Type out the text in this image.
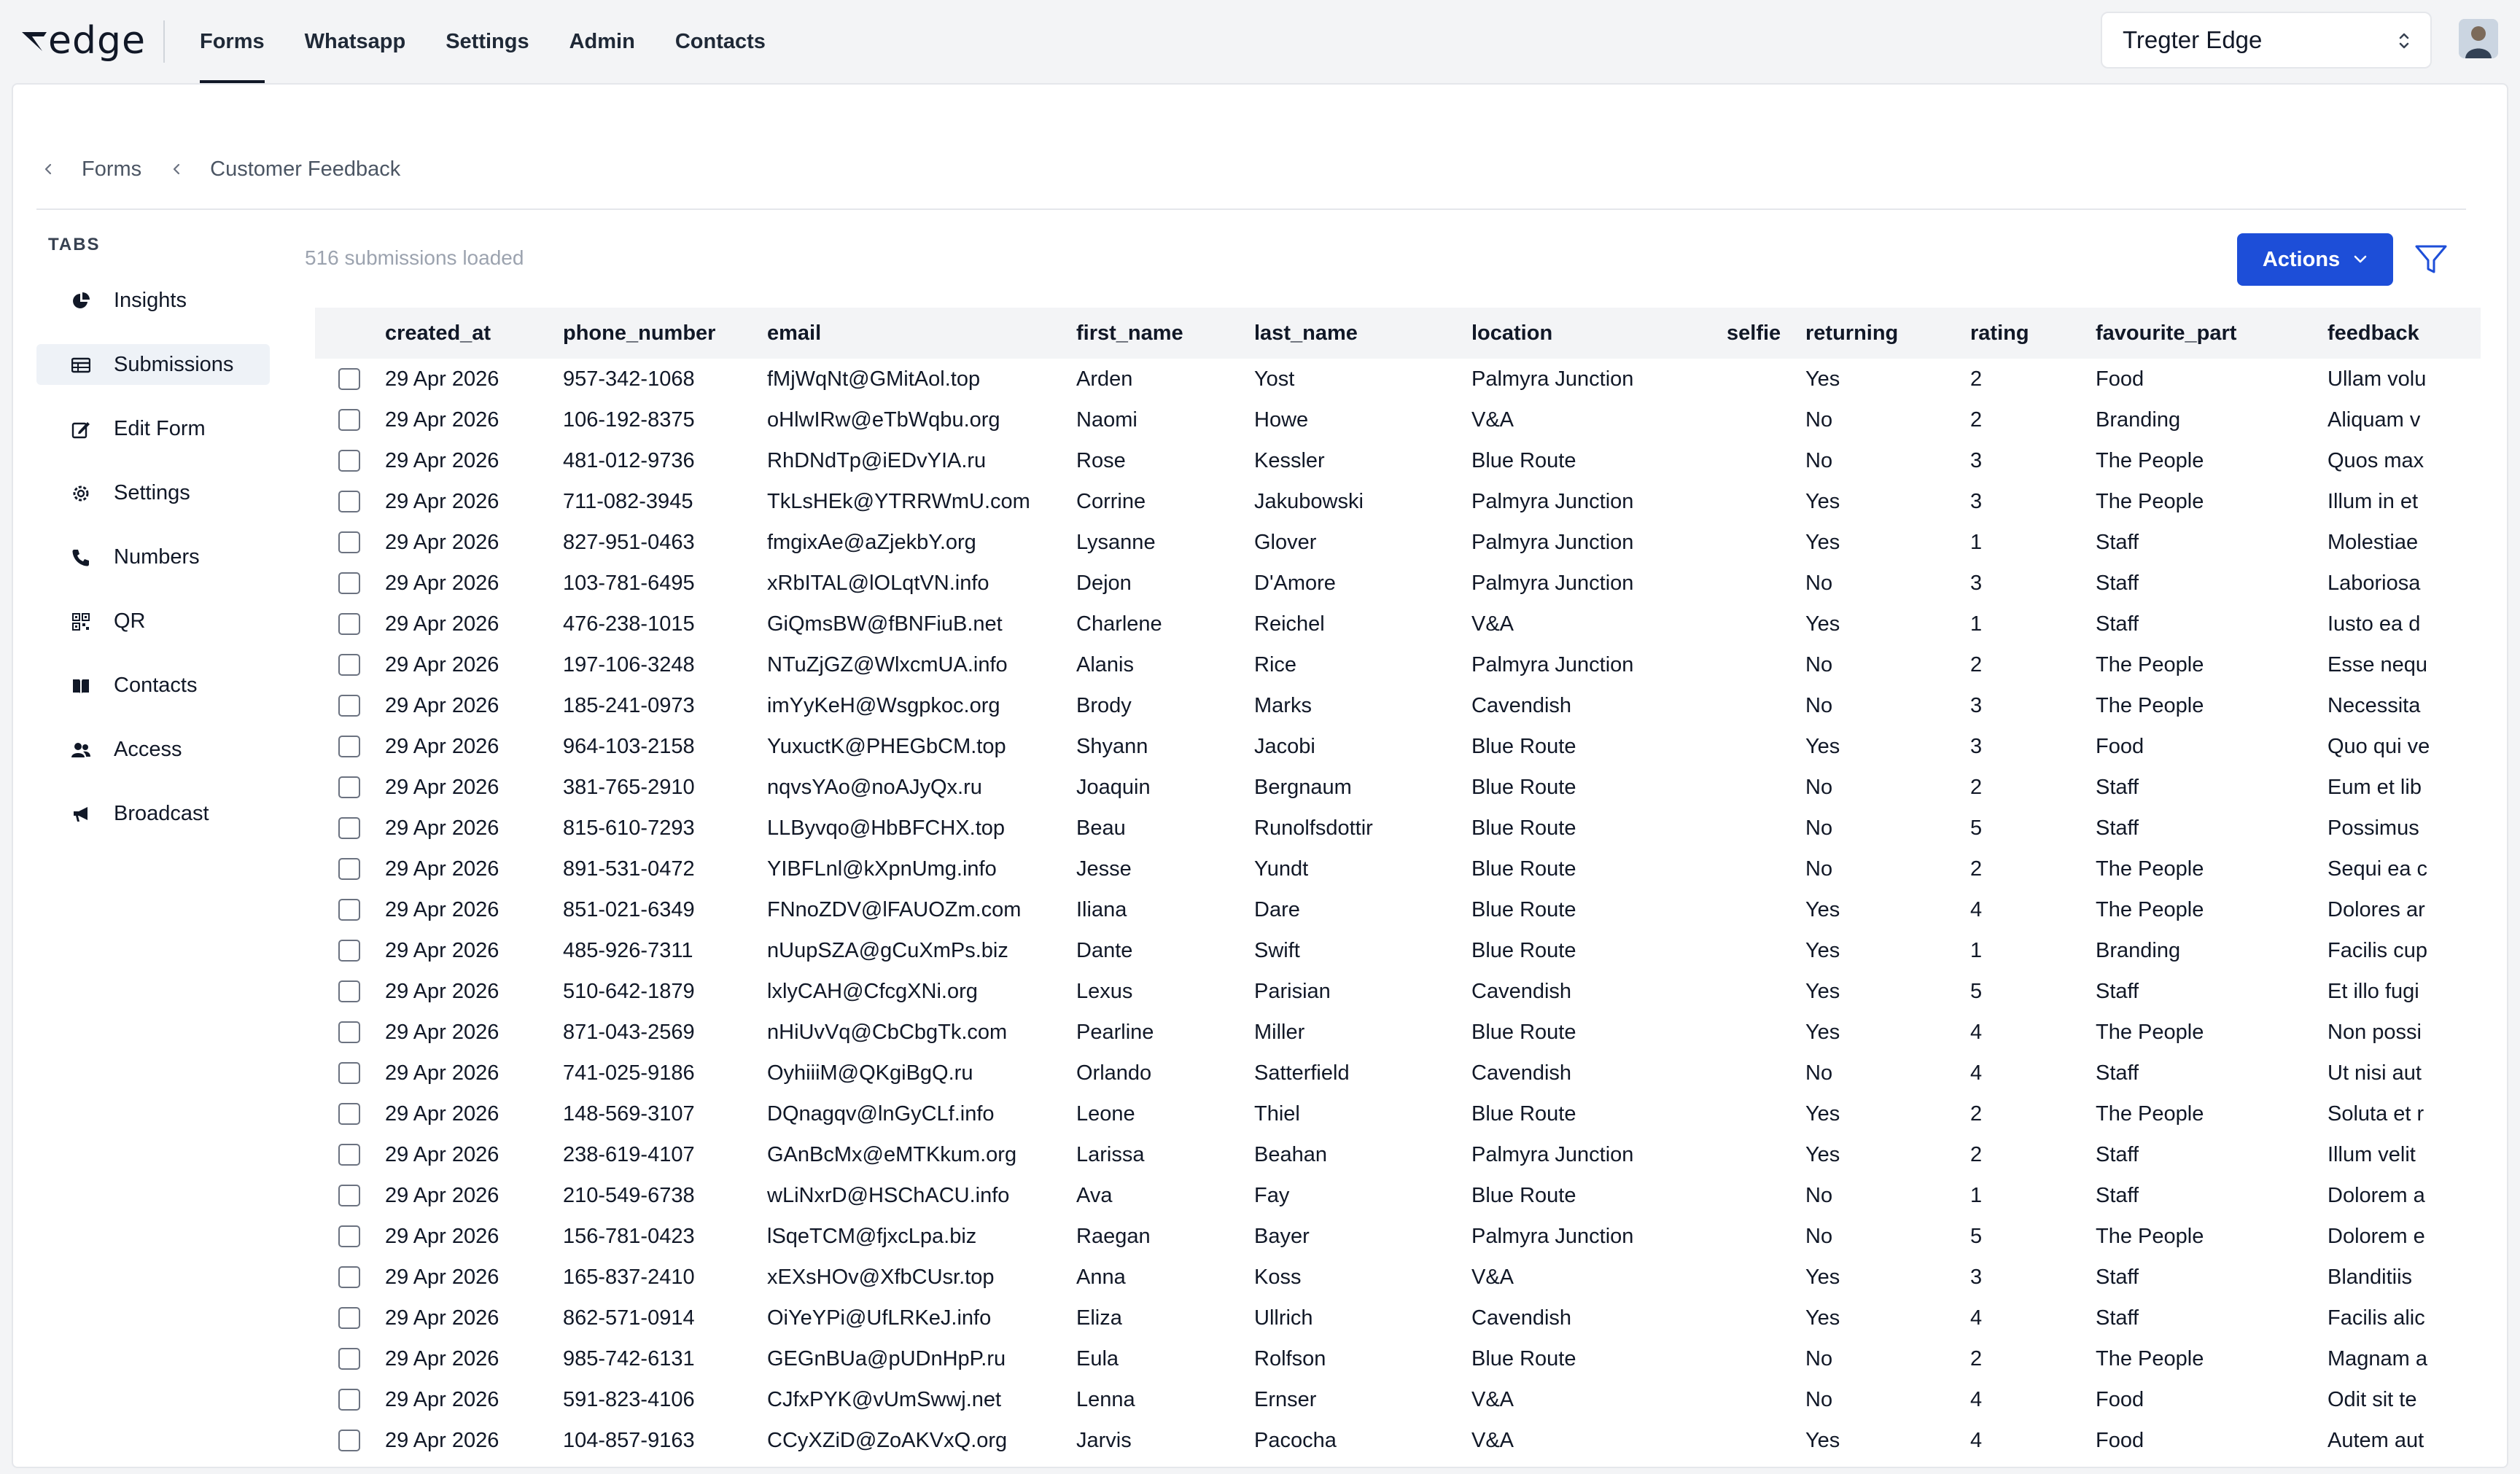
edge	Forms Whatsapp Settings Admin Contacts	Tregter Edge
Forms	Customer Feedback
TABS
Insights
Submissions
Edit Form
Settings
Numbers
QR
Contacts
Access
Broadcast
516 submissions loaded	Actions
	created_at	phone_number	email	first_name	last_name	location	selfie	returning	rating	favourite_part	feedback

	29 Apr 2026	957-342-1068	fMjWqNt@GMitAol.top	Arden	Yost	Palmyra Junction		Yes	2	Food	Ullam volu

	29 Apr 2026	106-192-8375	oHlwIRw@eTbWqbu.org	Naomi	Howe	V&A		No	2	Branding	Aliquam v

	29 Apr 2026	481-012-9736	RhDNdTp@iEDvYIA.ru	Rose	Kessler	Blue Route		No	3	The People	Quos max

	29 Apr 2026	711-082-3945	TkLsHEk@YTRRWmU.com	Corrine	Jakubowski	Palmyra Junction		Yes	3	The People	Illum in et

	29 Apr 2026	827-951-0463	fmgixAe@aZjekbY.org	Lysanne	Glover	Palmyra Junction		Yes	1	Staff	Molestiae

	29 Apr 2026	103-781-6495	xRbITAL@lOLqtVN.info	Dejon	D'Amore	Palmyra Junction		No	3	Staff	Laboriosa

	29 Apr 2026	476-238-1015	GiQmsBW@fBNFiuB.net	Charlene	Reichel	V&A		Yes	1	Staff	Iusto ea d

	29 Apr 2026	197-106-3248	NTuZjGZ@WlxcmUA.info	Alanis	Rice	Palmyra Junction		No	2	The People	Esse nequ

	29 Apr 2026	185-241-0973	imYyKeH@Wsgpkoc.org	Brody	Marks	Cavendish		No	3	The People	Necessita

	29 Apr 2026	964-103-2158	YuxuctK@PHEGbCM.top	Shyann	Jacobi	Blue Route		Yes	3	Food	Quo qui ve

	29 Apr 2026	381-765-2910	nqvsYAo@noAJyQx.ru	Joaquin	Bergnaum	Blue Route		No	2	Staff	Eum et lib

	29 Apr 2026	815-610-7293	LLByvqo@HbBFCHX.top	Beau	Runolfsdottir	Blue Route		No	5	Staff	Possimus

	29 Apr 2026	891-531-0472	YIBFLnl@kXpnUmg.info	Jesse	Yundt	Blue Route		No	2	The People	Sequi ea c

	29 Apr 2026	851-021-6349	FNnoZDV@lFAUOZm.com	Iliana	Dare	Blue Route		Yes	4	The People	Dolores ar

	29 Apr 2026	485-926-7311	nUupSZA@gCuXmPs.biz	Dante	Swift	Blue Route		Yes	1	Branding	Facilis cup

	29 Apr 2026	510-642-1879	lxlyCAH@CfcgXNi.org	Lexus	Parisian	Cavendish		Yes	5	Staff	Et illo fugi

	29 Apr 2026	871-043-2569	nHiUvVq@CbCbgTk.com	Pearline	Miller	Blue Route		Yes	4	The People	Non possi

	29 Apr 2026	741-025-9186	OyhiiiM@QKgiBgQ.ru	Orlando	Satterfield	Cavendish		No	4	Staff	Ut nisi aut

	29 Apr 2026	148-569-3107	DQnagqv@lnGyCLf.info	Leone	Thiel	Blue Route		Yes	2	The People	Soluta et r

	29 Apr 2026	238-619-4107	GAnBcMx@eMTKkum.org	Larissa	Beahan	Palmyra Junction		Yes	2	Staff	Illum velit

	29 Apr 2026	210-549-6738	wLiNxrD@HSChACU.info	Ava	Fay	Blue Route		No	1	Staff	Dolorem a

	29 Apr 2026	156-781-0423	lSqeTCM@fjxcLpa.biz	Raegan	Bayer	Palmyra Junction		No	5	The People	Dolorem e

	29 Apr 2026	165-837-2410	xEXsHOv@XfbCUsr.top	Anna	Koss	V&A		Yes	3	Staff	Blanditiis

	29 Apr 2026	862-571-0914	OiYeYPi@UfLRKeJ.info	Eliza	Ullrich	Cavendish		Yes	4	Staff	Facilis alic

	29 Apr 2026	985-742-6131	GEGnBUa@pUDnHpP.ru	Eula	Rolfson	Blue Route		No	2	The People	Magnam a

	29 Apr 2026	591-823-4106	CJfxPYK@vUmSwwj.net	Lenna	Ernser	V&A		No	4	Food	Odit sit te

	29 Apr 2026	104-857-9163	CCyXZiD@ZoAKVxQ.org	Jarvis	Pacocha	V&A		Yes	4	Food	Autem aut
